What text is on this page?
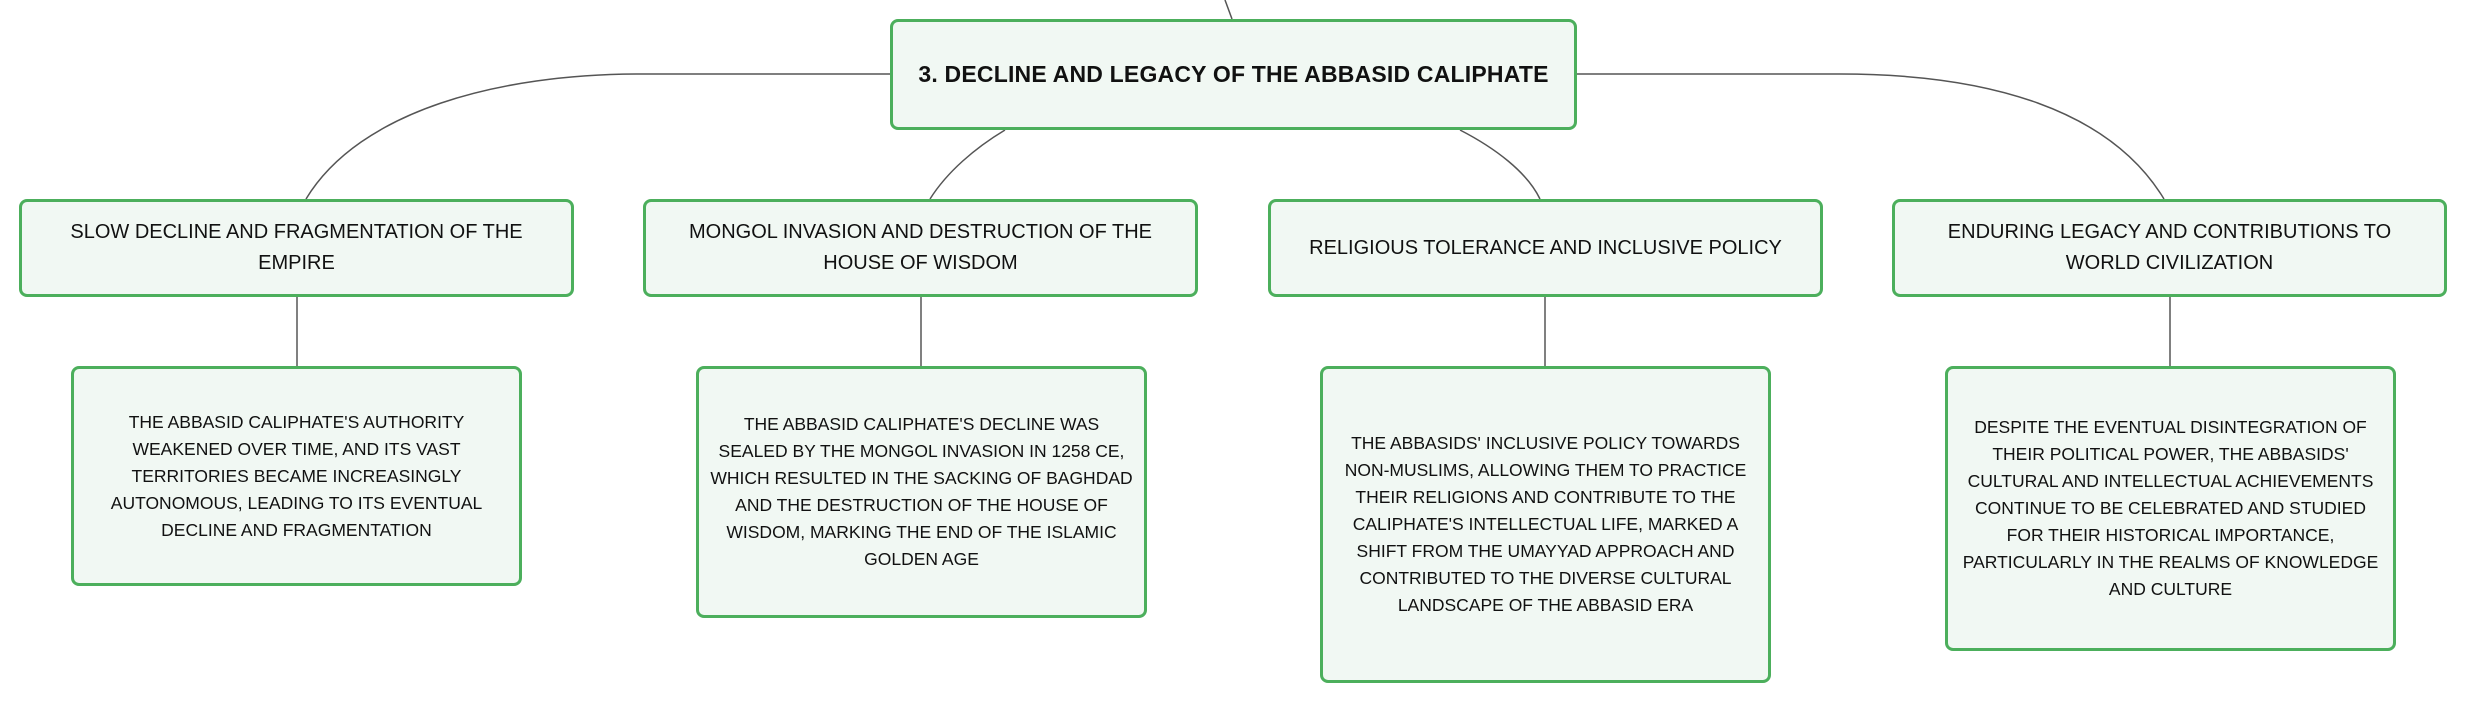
3. DECLINE AND LEGACY OF THE ABBASID CALIPHATE
SLOW DECLINE AND FRAGMENTATION OF THE EMPIRE
MONGOL INVASION AND DESTRUCTION OF THE HOUSE OF WISDOM
RELIGIOUS TOLERANCE AND INCLUSIVE POLICY
ENDURING LEGACY AND CONTRIBUTIONS TO WORLD CIVILIZATION
THE ABBASID CALIPHATE'S AUTHORITY WEAKENED OVER TIME, AND ITS VAST TERRITORIES BECAME INCREASINGLY AUTONOMOUS, LEADING TO ITS EVENTUAL DECLINE AND FRAGMENTATION
THE ABBASID CALIPHATE'S DECLINE WAS SEALED BY THE MONGOL INVASION IN 1258 CE, WHICH RESULTED IN THE SACKING OF BAGHDAD AND THE DESTRUCTION OF THE HOUSE OF WISDOM, MARKING THE END OF THE ISLAMIC GOLDEN AGE
THE ABBASIDS' INCLUSIVE POLICY TOWARDS NON-MUSLIMS, ALLOWING THEM TO PRACTICE THEIR RELIGIONS AND CONTRIBUTE TO THE CALIPHATE'S INTELLECTUAL LIFE, MARKED A SHIFT FROM THE UMAYYAD APPROACH AND CONTRIBUTED TO THE DIVERSE CULTURAL LANDSCAPE OF THE ABBASID ERA
DESPITE THE EVENTUAL DISINTEGRATION OF THEIR POLITICAL POWER, THE ABBASIDS' CULTURAL AND INTELLECTUAL ACHIEVEMENTS CONTINUE TO BE CELEBRATED AND STUDIED FOR THEIR HISTORICAL IMPORTANCE, PARTICULARLY IN THE REALMS OF KNOWLEDGE AND CULTURE
